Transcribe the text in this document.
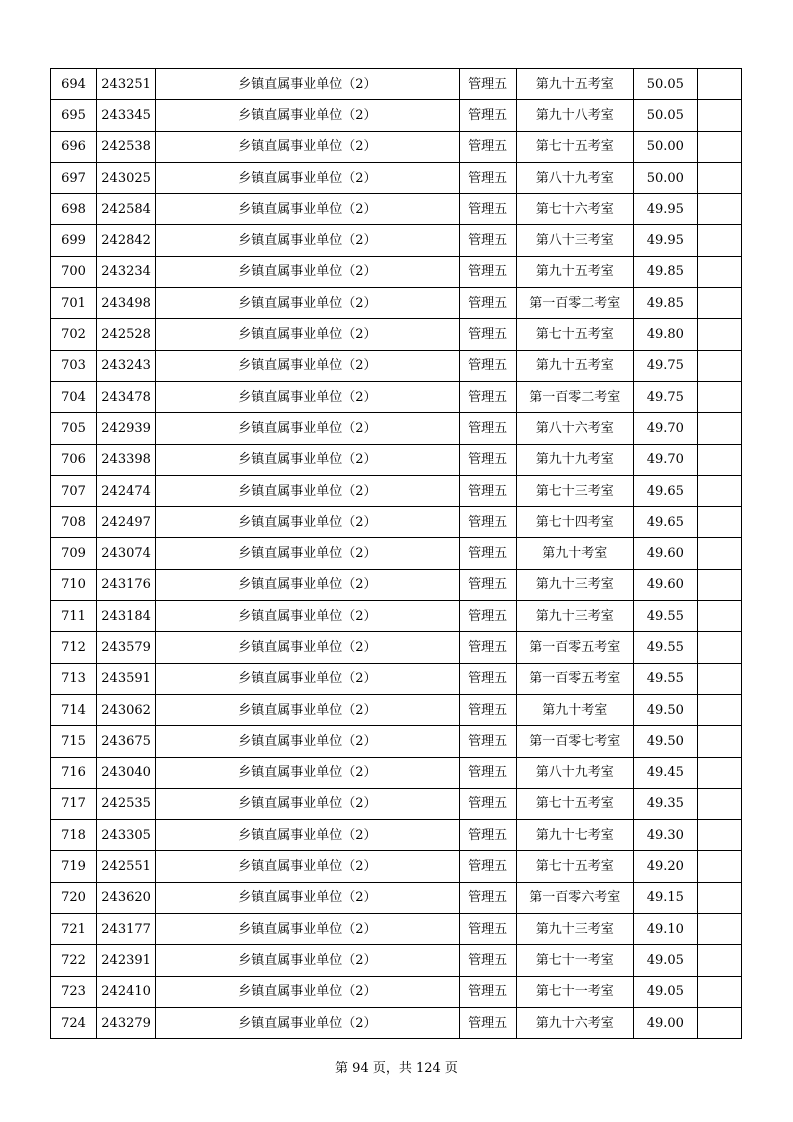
694	243251	乡镇直属事业单位（2）	管理五	第九十五考室	50.05	
695	243345	乡镇直属事业单位（2）	管理五	第九十八考室	50.05	
696	242538	乡镇直属事业单位（2）	管理五	第七十五考室	50.00	
697	243025	乡镇直属事业单位（2）	管理五	第八十九考室	50.00	
698	242584	乡镇直属事业单位（2）	管理五	第七十六考室	49.95	
699	242842	乡镇直属事业单位（2）	管理五	第八十三考室	49.95	
700	243234	乡镇直属事业单位（2）	管理五	第九十五考室	49.85	
701	243498	乡镇直属事业单位（2）	管理五	第一百零二考室	49.85	
702	242528	乡镇直属事业单位（2）	管理五	第七十五考室	49.80	
703	243243	乡镇直属事业单位（2）	管理五	第九十五考室	49.75	
704	243478	乡镇直属事业单位（2）	管理五	第一百零二考室	49.75	
705	242939	乡镇直属事业单位（2）	管理五	第八十六考室	49.70	
706	243398	乡镇直属事业单位（2）	管理五	第九十九考室	49.70	
707	242474	乡镇直属事业单位（2）	管理五	第七十三考室	49.65	
708	242497	乡镇直属事业单位（2）	管理五	第七十四考室	49.65	
709	243074	乡镇直属事业单位（2）	管理五	第九十考室	49.60	
710	243176	乡镇直属事业单位（2）	管理五	第九十三考室	49.60	
711	243184	乡镇直属事业单位（2）	管理五	第九十三考室	49.55	
712	243579	乡镇直属事业单位（2）	管理五	第一百零五考室	49.55	
713	243591	乡镇直属事业单位（2）	管理五	第一百零五考室	49.55	
714	243062	乡镇直属事业单位（2）	管理五	第九十考室	49.50	
715	243675	乡镇直属事业单位（2）	管理五	第一百零七考室	49.50	
716	243040	乡镇直属事业单位（2）	管理五	第八十九考室	49.45	
717	242535	乡镇直属事业单位（2）	管理五	第七十五考室	49.35	
718	243305	乡镇直属事业单位（2）	管理五	第九十七考室	49.30	
719	242551	乡镇直属事业单位（2）	管理五	第七十五考室	49.20	
720	243620	乡镇直属事业单位（2）	管理五	第一百零六考室	49.15	
721	243177	乡镇直属事业单位（2）	管理五	第九十三考室	49.10	
722	242391	乡镇直属事业单位（2）	管理五	第七十一考室	49.05	
723	242410	乡镇直属事业单位（2）	管理五	第七十一考室	49.05	
724	243279	乡镇直属事业单位（2）	管理五	第九十六考室	49.00	
第 94 页，共 124 页
